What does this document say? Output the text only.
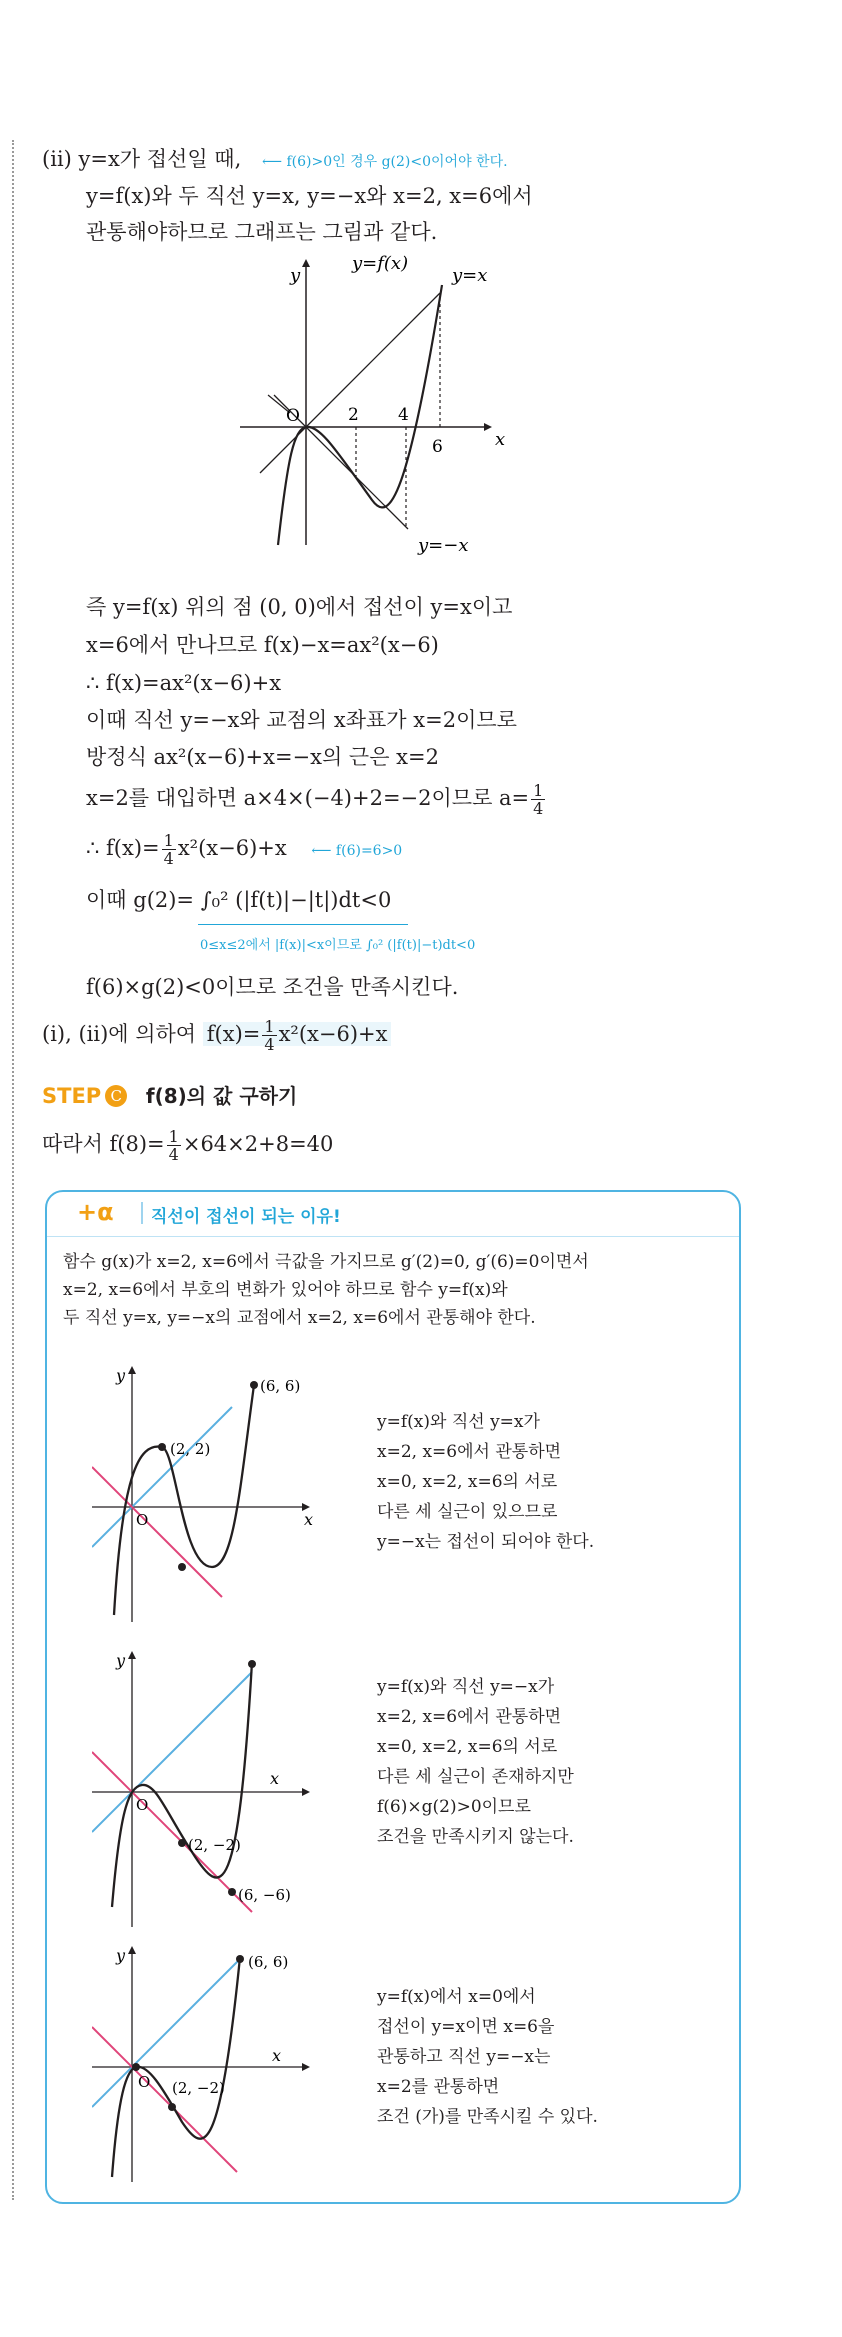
(ⅱ) y=x가 접선일 때, ⟵ f(6)>0인 경우 g(2)<0이어야 한다.
y=f(x)와 두 직선 y=x, y=−x와 x=2, x=6에서
관통해야하므로 그래프는 그림과 같다.
y
x
O	2 4
6
y=f(x)
y=x
y=−x
즉 y=f(x) 위의 점 (0, 0)에서 접선이 y=x이고
x=6에서 만나므로 f(x)−x=ax²(x−6)
∴ f(x)=ax²(x−6)+x
이때 직선 y=−x와 교점의 x좌표가 x=2이므로
방정식 ax²(x−6)+x=−x의 근은 x=2
x=2를 대입하면 a×4×(−4)+2=−2이므로 $a= \frac{1}{4}$
∴ $f(x)= \frac{1}{4} x^2(x-6)+x$ ⟵ f(6)=6>0
이때 g(2)= ∫₀² (|f(t)|−|t|)dt<0
0≤x≤2에서 |f(x)|<x이므로 ∫₀² (|f(t)|−t)dt<0
f(6)×g(2)<0이므로 조건을 만족시킨다.
(ⅰ), (ⅱ)에 의하여 $f(x)= \frac{1}{4} x^2(x-6)+x$
STEP C f(8)의 값 구하기
따라서 $f(8)= \frac{1}{4} \times 64\times 2+8=40$
+α 직선이 접선이 되는 이유!
함수 g(x)가 x=2, x=6에서 극값을 가지므로 g′(2)=0, g′(6)=0이면서
x=2, x=6에서 부호의 변화가 있어야 하므로 함수 y=f(x)와
두 직선 y=x, y=−x의 교점에서 x=2, x=6에서 관통해야 한다.
y
x
O
(2, 2)
(6, 6)
y=f(x)와 직선 y=x가
x=2, x=6에서 관통하면
x=0, x=2, x=6의 서로
다른 세 실근이 있으므로
y=−x는 접선이 되어야 한다.
y
x
O
(2, −2)
(6, −6)
y=f(x)와 직선 y=−x가
x=2, x=6에서 관통하면
x=0, x=2, x=6의 서로
다른 세 실근이 존재하지만
f(6)×g(2)>0이므로
조건을 만족시키지 않는다.
y
x
O (2, −2)
(6, 6)
y=f(x)에서 x=0에서
접선이 y=x이면 x=6을
관통하고 직선 y=−x는
x=2를 관통하면
조건 (가)를 만족시킬 수 있다.
